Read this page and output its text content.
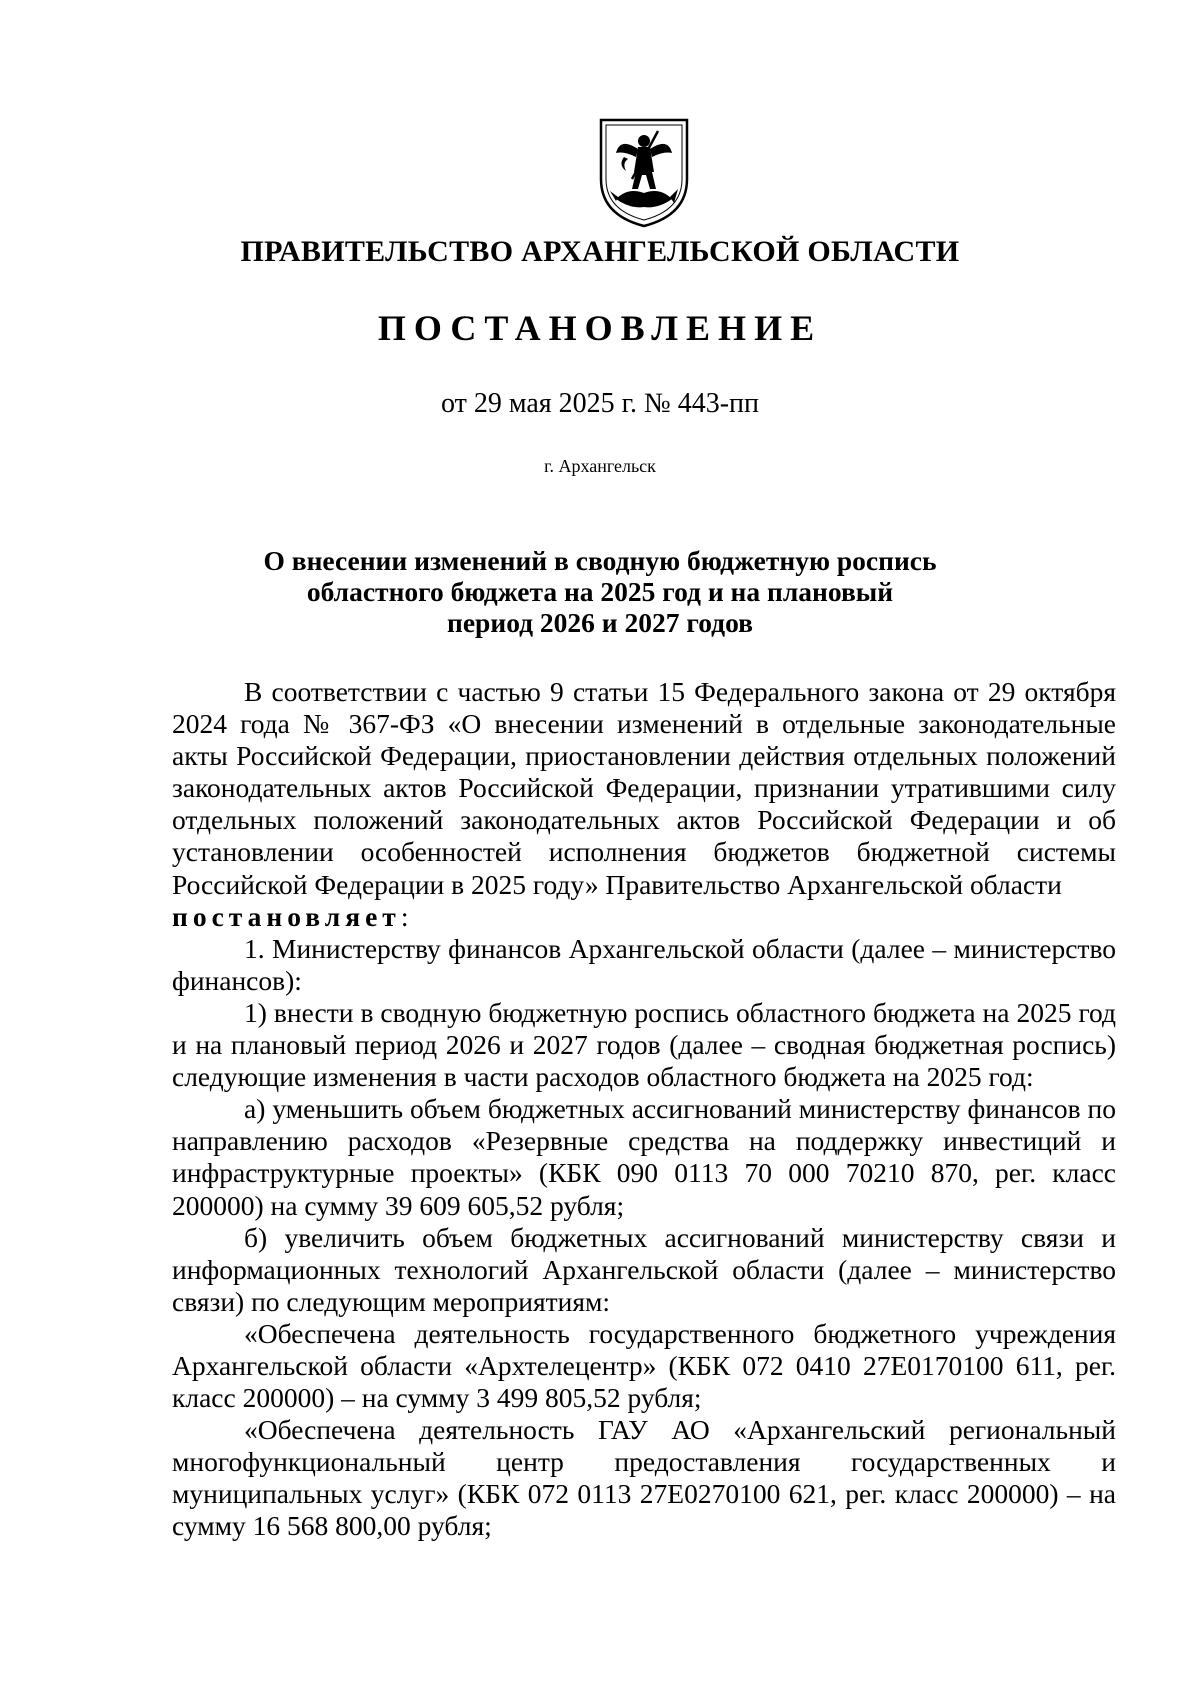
ПРАВИТЕЛЬСТВО АРХАНГЕЛЬСКОЙ ОБЛАСТИ
ПОСТАНОВЛЕНИЕ
от 29 мая 2025 г. № 443-пп
г. Архангельск
О внесении изменений в сводную бюджетную роспись
областного бюджета на 2025 год и на плановый
период 2026 и 2027 годов

В соответствии с частью 9 статьи 15 Федерального закона от 29 октября 2024 года № 367-ФЗ «О внесении изменений в отдельные законодательные акты Российской Федерации, приостановлении действия отдельных положений законодательных актов Российской Федерации, признании утратившими силу отдельных положений законодательных актов Российской Федерации и об установлении особенностей исполнения бюджетов бюджетной системы Российской Федерации в 2025 году» Правительство Архангельской области

постановляет:

1. Министерству финансов Архангельской области (далее – министерство финансов):

1) внести в сводную бюджетную роспись областного бюджета на 2025 год и на плановый период 2026 и 2027 годов (далее – сводная бюджетная роспись) следующие изменения в части расходов областного бюджета на 2025 год:

а) уменьшить объем бюджетных ассигнований министерству финансов по направлению расходов «Резервные средства на поддержку инвестиций и инфраструктурные проекты» (КБК 090 0113 70 000 70210 870, рег. класс 200000) на сумму 39 609 605,52 рубля;

б) увеличить объем бюджетных ассигнований министерству связи и информационных технологий Архангельской области (далее – министерство связи) по следующим мероприятиям:

«Обеспечена деятельность государственного бюджетного учреждения Архангельской области «Архтелецентр» (КБК 072 0410 27Е0170100 611, рег. класс 200000) – на сумму 3 499 805,52 рубля;

«Обеспечена деятельность ГАУ АО «Архангельский региональный многофункциональный центр предоставления государственных и муниципальных услуг» (КБК 072 0113 27Е0270100 621, рег. класс 200000) – на сумму 16 568 800,00 рубля;
